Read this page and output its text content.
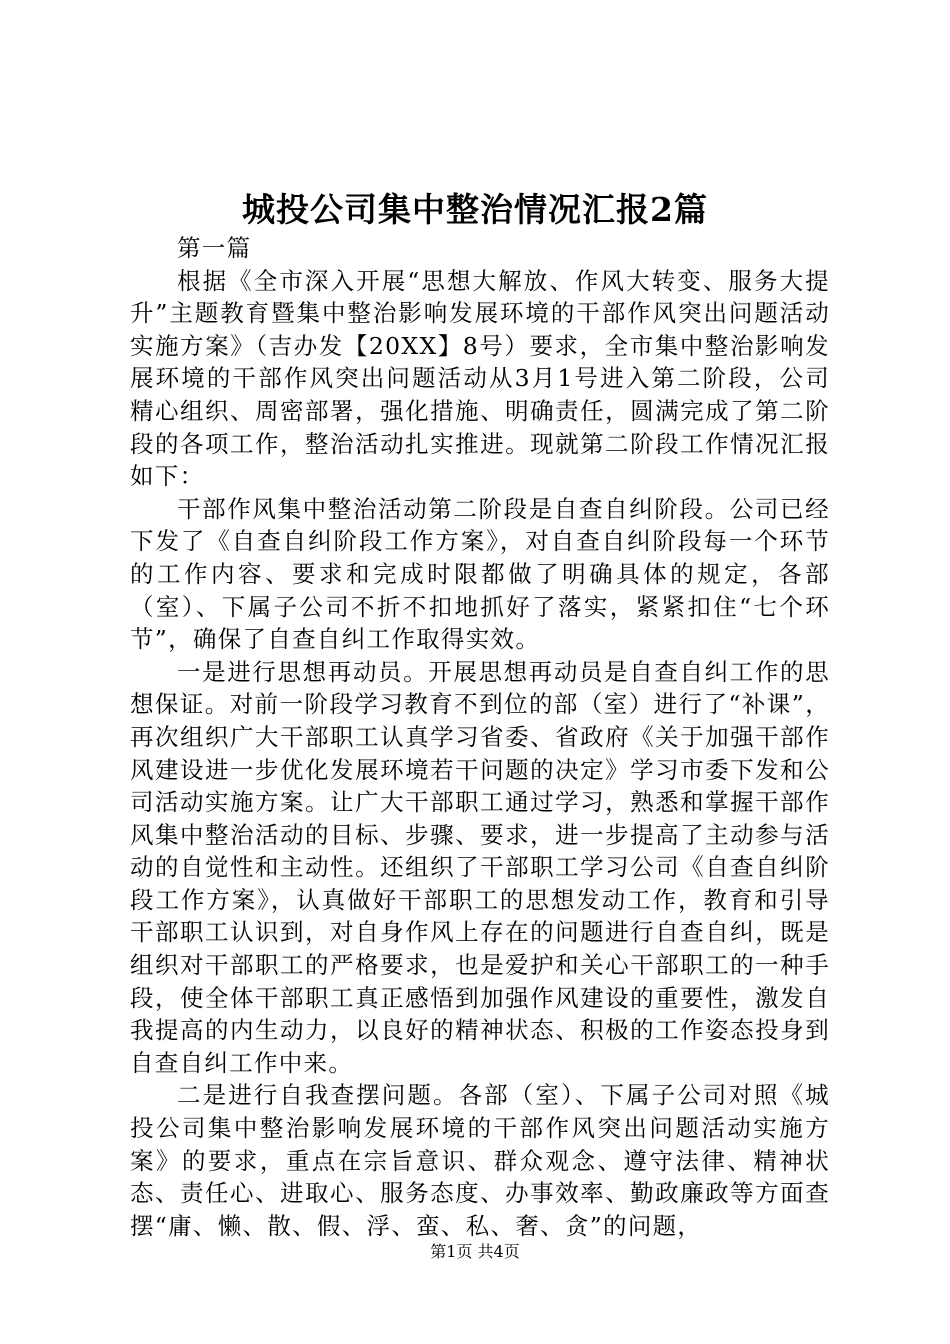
城投公司集中整治情况汇报2篇

第一篇

根据《全市深入开展“思想大解放、作风大转变、服务大提升”主题教育暨集中整治影响发展环境的干部作风突出问题活动实施方案》（吉办发【20XX】8号）要求，全市集中整治影响发展环境的干部作风突出问题活动从3月1号进入第二阶段，公司精心组织、周密部署，强化措施、明确责任，圆满完成了第二阶段的各项工作，整治活动扎实推进。现就第二阶段工作情况汇报如下：

干部作风集中整治活动第二阶段是自查自纠阶段。公司已经下发了《自查自纠阶段工作方案》，对自查自纠阶段每一个环节的工作内容、要求和完成时限都做了明确具体的规定，各部（室）、下属子公司不折不扣地抓好了落实，紧紧扣住“七个环节”，确保了自查自纠工作取得实效。

一是进行思想再动员。开展思想再动员是自查自纠工作的思想保证。对前一阶段学习教育不到位的部（室）进行了“补课”，再次组织广大干部职工认真学习省委、省政府《关于加强干部作风建设进一步优化发展环境若干问题的决定》学习市委下发和公司活动实施方案。让广大干部职工通过学习，熟悉和掌握干部作风集中整治活动的目标、步骤、要求，进一步提高了主动参与活动的自觉性和主动性。还组织了干部职工学习公司《自查自纠阶段工作方案》，认真做好干部职工的思想发动工作，教育和引导干部职工认识到，对自身作风上存在的问题进行自查自纠，既是组织对干部职工的严格要求，也是爱护和关心干部职工的一种手段，使全体干部职工真正感悟到加强作风建设的重要性，激发自我提高的内生动力，以良好的精神状态、积极的工作姿态投身到自查自纠工作中来。

二是进行自我查摆问题。各部（室）、下属子公司对照《城投公司集中整治影响发展环境的干部作风突出问题活动实施方案》的要求，重点在宗旨意识、群众观念、遵守法律、精神状态、责任心、进取心、服务态度、办事效率、勤政廉政等方面查摆“庸、懒、散、假、浮、蛮、私、奢、贪”的问题，

第1页 共4页
